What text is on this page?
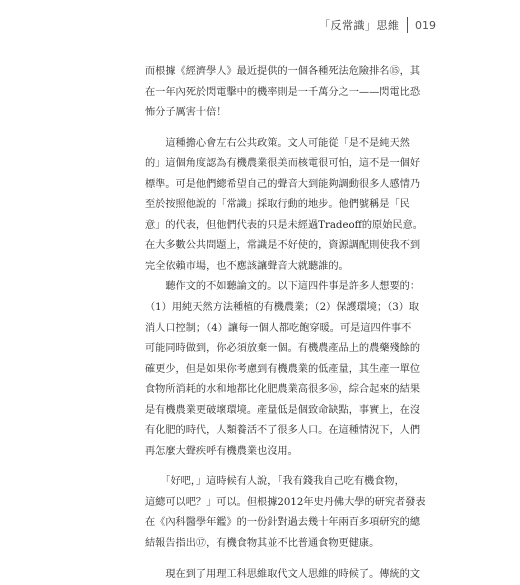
「反常識」思維 019

而根據《經濟學人》最近提供的一個各種死法危險排名⑮，其
在一年內死於閃電擊中的機率則是一千萬分之一——閃電比恐
怖分子厲害十倍！

　　這種擔心會左右公共政策。文人可能從「是不是純天然
的」這個角度認為有機農業很美而核電很可怕，這不是一個好
標準。可是他們總希望自己的聲音大到能夠調動很多人感情乃
至於按照他說的「常識」採取行動的地步。他們號稱是「民
意」的代表，但他們代表的只是未經過Tradeoff的原始民意。
在大多數公共問題上，常識是不好使的，資源調配則使我不到
完全依賴市場，也不應該讓聲音大就聽誰的。

　　聽作文的不如聽論文的。以下這四件事是許多人想要的：
（1）用純天然方法種植的有機農業；（2）保護環境；（3）取
消人口控制；（4）讓每一個人都吃飽穿暖。可是這四件事不
可能同時做到，你必須放棄一個。有機農產品上的農藥殘餘的
確更少，但是如果你考慮到有機農業的低產量，其生產一單位
食物所消耗的水和地都比化肥農業高很多⑯，綜合起來的結果
是有機農業更破壞環境。產量低是個致命缺點，事實上，在沒
有化肥的時代，人類養活不了很多人口。在這種情況下，人們
再怎麼大聲疾呼有機農業也沒用。

　　「好吧，」這時候有人說，「我有錢我自己吃有機食物，
這總可以吧？」可以。但根據2012年史丹佛大學的研究者發表
在《內科醫學年鑑》的一份針對過去幾十年兩百多項研究的總
結報告指出⑰，有機食物其並不比普通食物更健康。

　　現在到了用理工科思維取代文人思維的時候了。傳統的文
